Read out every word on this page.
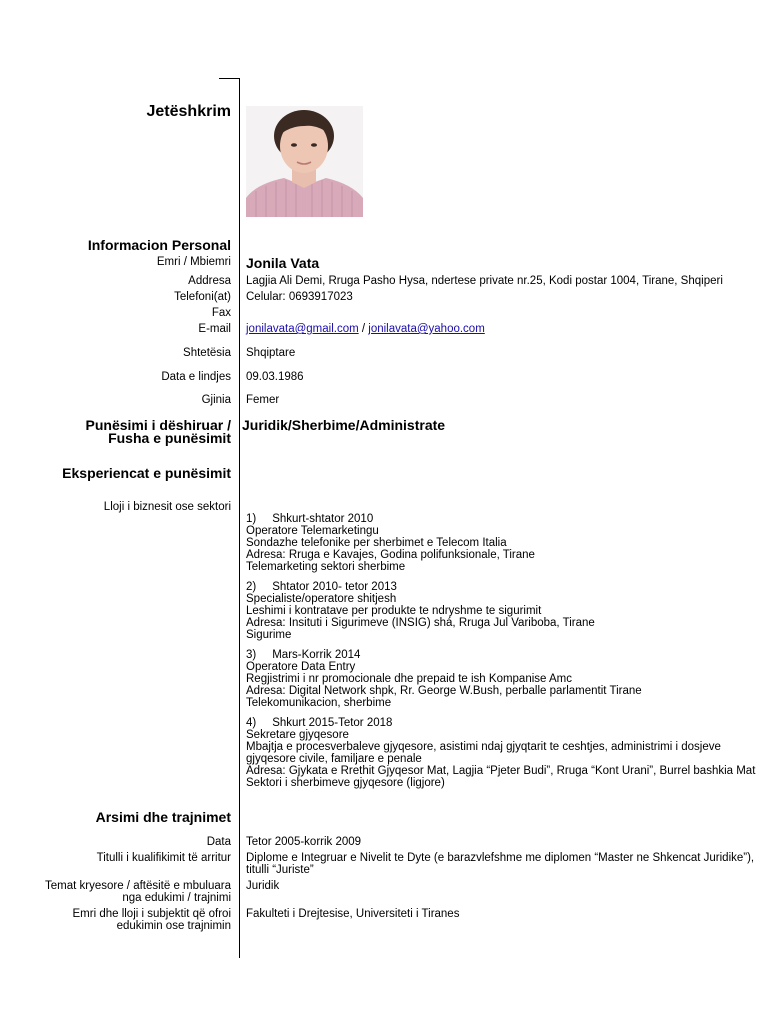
Jetëshkrim
Informacion Personal
Emri / Mbiemri Jonila Vata
Addresa Lagjia Ali Demi, Rruga Pasho Hysa, ndertese private nr.25, Kodi postar 1004, Tirane, Shqiperi
Telefoni(at) Celular: 0693917023
Fax
E-mail jonilavata@gmail.com / jonilavata@yahoo.com
Shtetësia Shqiptare
Data e lindjes 09.03.1986
Gjinia Femer
Punësimi i dëshiruar /
Fusha e punësimit
Juridik/Sherbime/Administrate
Eksperiencat e punësimit
Lloji i biznesit ose sektori
1) Shkurt-shtator 2010
Operatore Telemarketingu
Sondazhe telefonike per sherbimet e Telecom Italia
Adresa: Rruga e Kavajes, Godina polifunksionale, Tirane
Telemarketing sektori sherbime
2) Shtator 2010- tetor 2013
Specialiste/operatore shitjesh
Leshimi i kontratave per produkte te ndryshme te sigurimit
Adresa: Insituti i Sigurimeve (INSIG) shá, Rruga Jul Variboba, Tirane
Sigurime
3) Mars-Korrik 2014
Operatore Data Entry
Regjistrimi i nr promocionale dhe prepaid te ish Kompanise Amc
Adresa: Digital Network shpk, Rr. George W.Bush, perballe parlamentit Tirane
Telekomunikacion, sherbime
4) Shkurt 2015-Tetor 2018
Sekretare gjyqesore
Mbajtja e procesverbaleve gjyqesore, asistimi ndaj gjyqtarit te ceshtjes, administrimi i dosjeve
gjyqesore civile, familjare e penale
Adresa: Gjykata e Rrethit Gjyqesor Mat, Lagjia “Pjeter Budi”, Rruga “Kont Urani”, Burrel bashkia Mat
Sektori i sherbimeve gjyqesore (ligjore)
Arsimi dhe trajnimet
Data Tetor 2005-korrik 2009
Titulli i kualifikimit të arritur Diplome e Integruar e Nivelit te Dyte (e barazvlefshme me diplomen “Master ne Shkencat Juridike”),
titulli “Juriste”
Temat kryesore / aftësitë e mbuluara
nga edukimi / trajnimi
Juridik
Emri dhe lloji i subjektit që ofroi
edukimin ose trajnimin
Fakulteti i Drejtesise, Universiteti i Tiranes
